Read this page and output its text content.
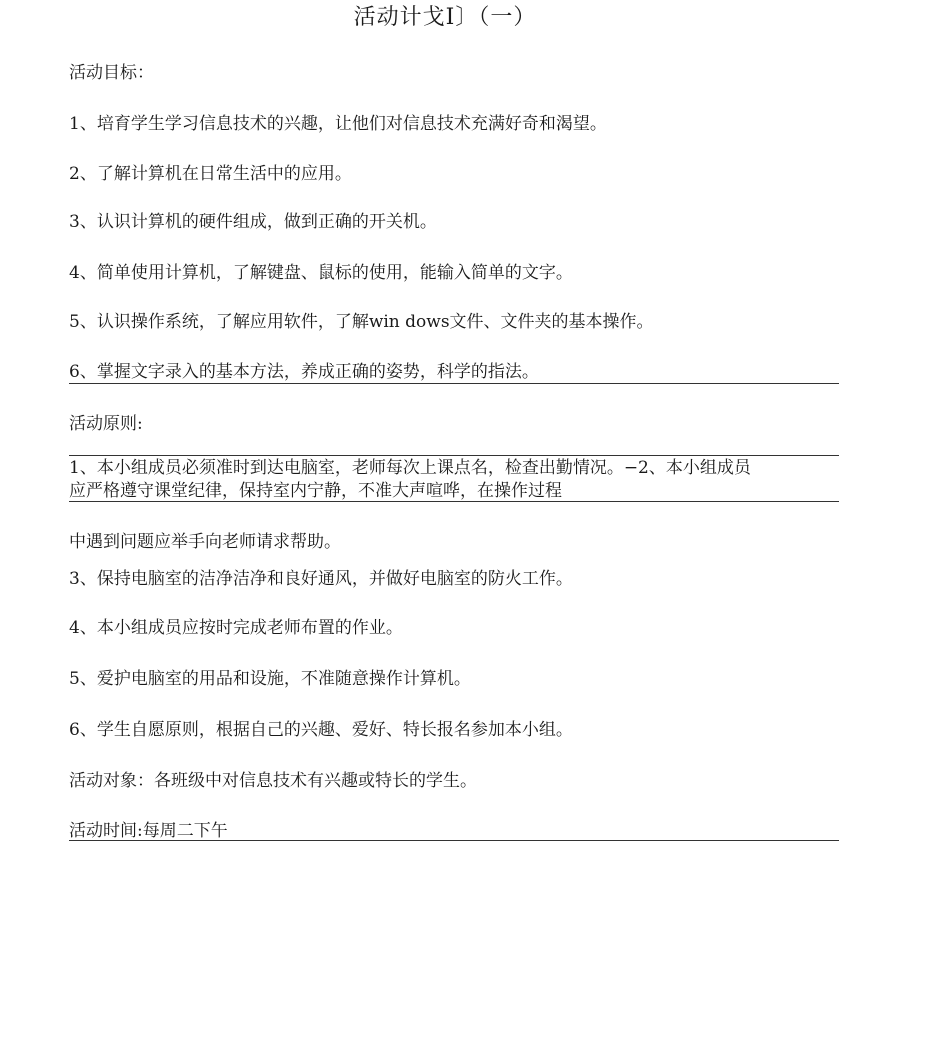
活动计戈I〕（一）
活动目标：
1、培育学生学习信息技术的兴趣，让他们对信息技术充满好奇和渴望。
2、了解计算机在日常生活中的应用。
3、认识计算机的硬件组成，做到正确的开关机。
4、简单使用计算机，了解键盘、鼠标的使用，能输入简单的文字。
5、认识操作系统，了解应用软件，了解win dows文件、文件夹的基本操作。
6、掌握文字录入的基本方法，养成正确的姿势，科学的指法。
活动原则:
1、本小组成员必须准时到达电脑室，老师每次上课点名，检查出勤情况。−2、本小组成员
应严格遵守课堂纪律，保持室内宁静，不准大声喧哗，在操作过程
中遇到问题应举手向老师请求帮助。
3、保持电脑室的洁净洁净和良好通风，并做好电脑室的防火工作。
4、本小组成员应按时完成老师布置的作业。
5、爱护电脑室的用品和设施，不准随意操作计算机。
6、学生自愿原则，根据自己的兴趣、爱好、特长报名参加本小组。
活动对象：各班级中对信息技术有兴趣或特长的学生。
活动时间:每周二下午
